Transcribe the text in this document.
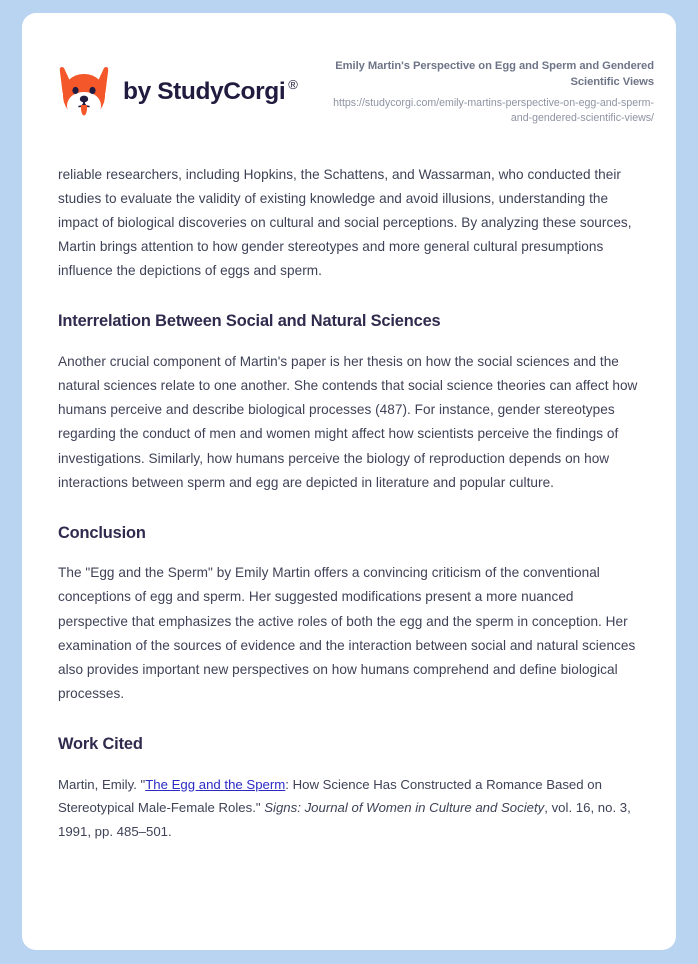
by StudyCorgi ®

Emily Martin's Perspective on Egg and Sperm and Gendered Scientific Views

https://studycorgi.com/emily-martins-perspective-on-egg-and-sperm-and-gendered-scientific-views/

reliable researchers, including Hopkins, the Schattens, and Wassarman, who conducted their studies to evaluate the validity of existing knowledge and avoid illusions, understanding the impact of biological discoveries on cultural and social perceptions. By analyzing these sources, Martin brings attention to how gender stereotypes and more general cultural presumptions influence the depictions of eggs and sperm.

Interrelation Between Social and Natural Sciences

Another crucial component of Martin's paper is her thesis on how the social sciences and the natural sciences relate to one another. She contends that social science theories can affect how humans perceive and describe biological processes (487). For instance, gender stereotypes regarding the conduct of men and women might affect how scientists perceive the findings of investigations. Similarly, how humans perceive the biology of reproduction depends on how interactions between sperm and egg are depicted in literature and popular culture.

Conclusion

The "Egg and the Sperm" by Emily Martin offers a convincing criticism of the conventional conceptions of egg and sperm. Her suggested modifications present a more nuanced perspective that emphasizes the active roles of both the egg and the sperm in conception. Her examination of the sources of evidence and the interaction between social and natural sciences also provides important new perspectives on how humans comprehend and define biological processes.

Work Cited

Martin, Emily. "The Egg and the Sperm: How Science Has Constructed a Romance Based on Stereotypical Male-Female Roles." Signs: Journal of Women in Culture and Society, vol. 16, no. 3, 1991, pp. 485–501.
